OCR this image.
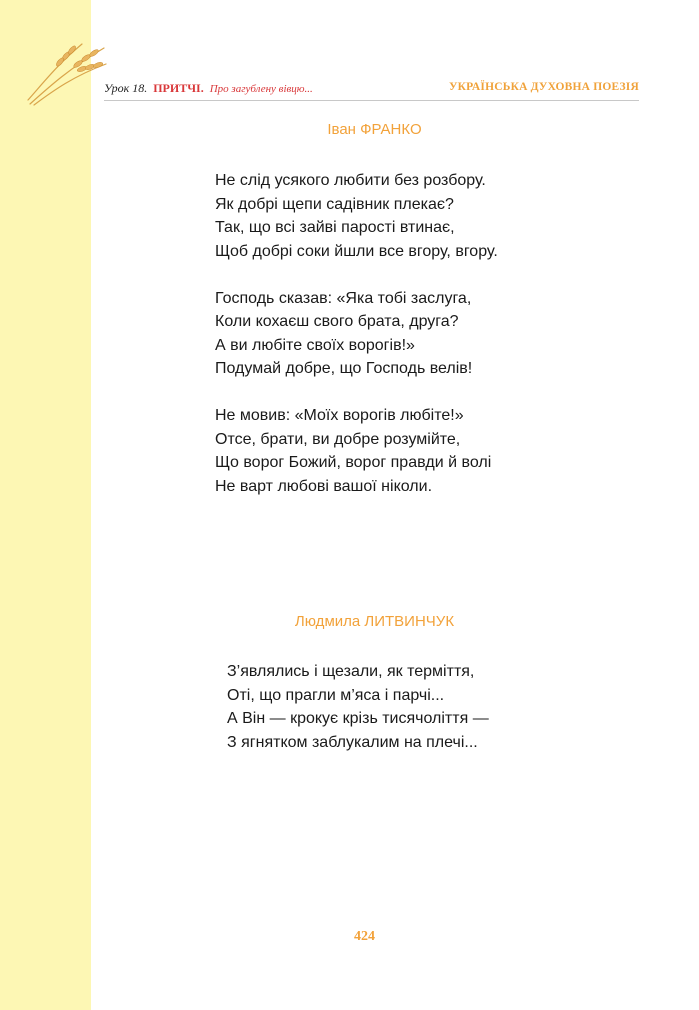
Урок 18. ПРИТЧІ. Про загублену вівцю...	УКРАЇНСЬКА ДУХОВНА ПОЕЗІЯ
Іван ФРАНКО
Не слід усякого любити без розбору.
Як добрі щепи садівник плекає?
Так, що всі зайві парості втинає,
Щоб добрі соки йшли все вгору, вгору.
Господь сказав: «Яка тобі заслуга,
Коли кохаєш свого брата, друга?
А ви любіте своїх ворогів!»
Подумай добре, що Господь велів!
Не мовив: «Моїх ворогів любіте!»
Отсе, брати, ви добре розумійте,
Що ворог Божий, ворог правди й волі
Не варт любові вашої ніколи.
Людмила ЛИТВИНЧУК
З’являлись і щезали, як терміття,
Оті, що прагли м’яса і парчі...
А Він — крокує крізь тисячоліття —
З ягнятком заблукалим на плечі...
424
